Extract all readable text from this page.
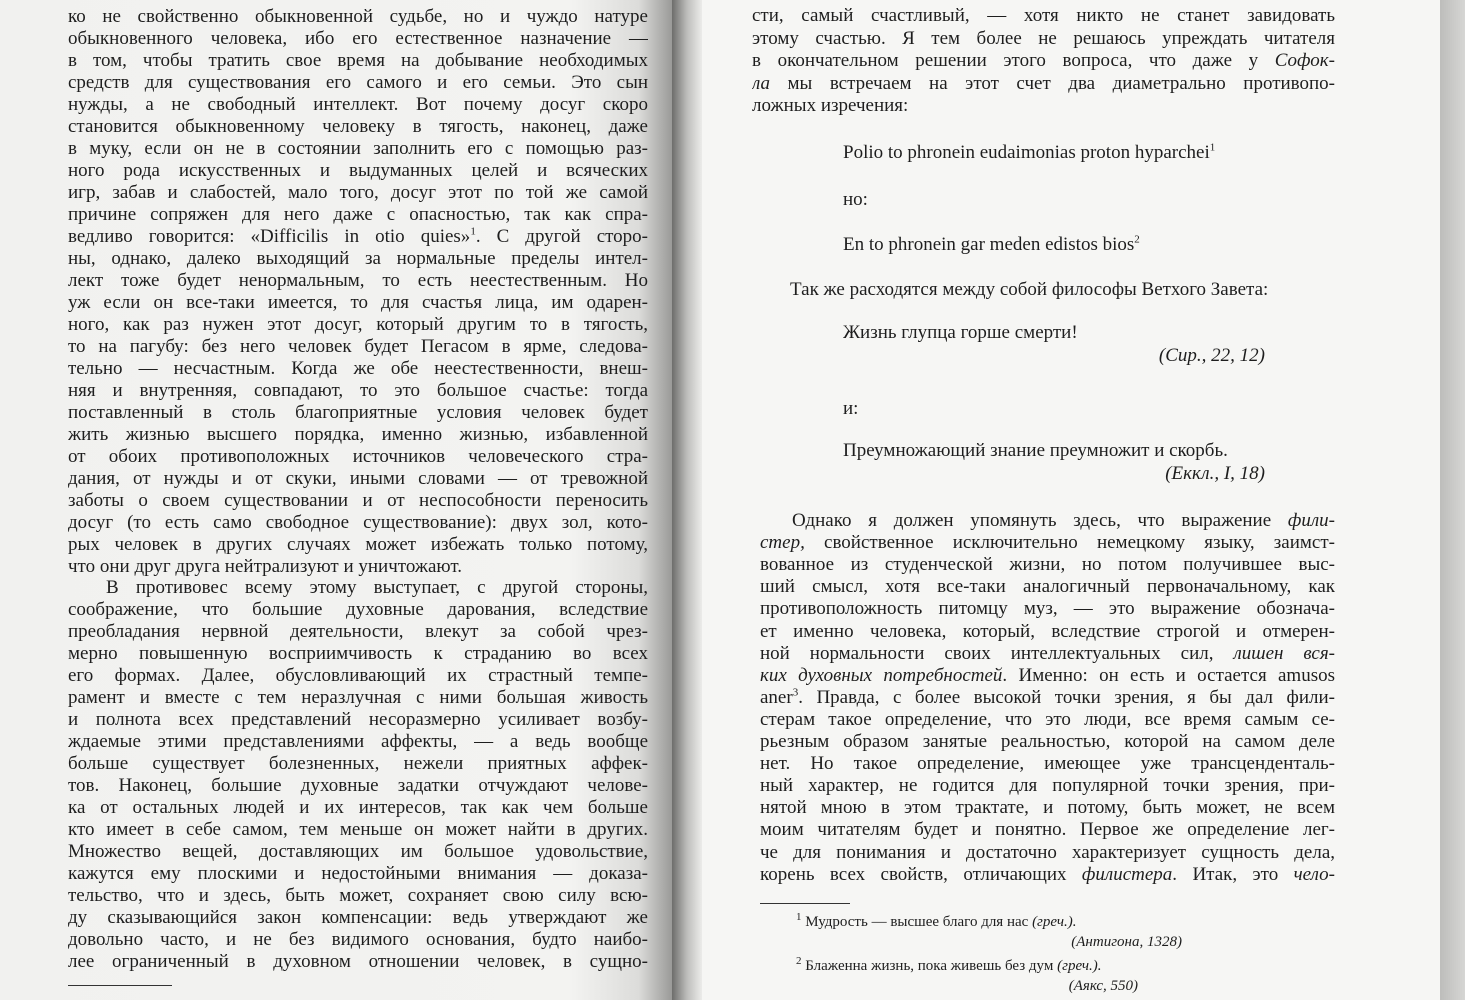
Polio to phronein eudaimonias proton hyparchei$^1$
но:
En to phronein gar meden edistos bios$^2$
Так же расходятся между собой философы Ветхого Завета:
Жизнь глупца горше смерти!
(Сир., 22, 12)
и:
Преумножающий знание преумножит и скорбь.
(Еккл., I, 18)
$^1$ Мудрость — высшее благо для нас (греч.).
(Антигона, 1328)
$^2$ Блаженна жизнь, пока живешь без дум (греч.).
(Аякс, 550)
ко не свойственно обыкновенной судьбе, но и чуждо натуре
обыкновенного человека, ибо его естественное назначение —
в том, чтобы тратить свое время на добывание необходимых
средств для существования его самого и его семьи. Это сын
нужды, а не свободный интеллект. Вот почему досуг скоро
становится обыкновенному человеку в тягость, наконец, даже
в муку, если он не в состоянии заполнить его с помощью раз-
ного рода искусственных и выдуманных целей и всяческих
игр, забав и слабостей, мало того, досуг этот по той же самой
причине сопряжен для него даже с опасностью, так как спра-
ведливо говорится: «Difficilis in otio quies»$^1$. С другой сторо-
ны, однако, далеко выходящий за нормальные пределы интел-
лект тоже будет ненормальным, то есть неестественным. Но
уж если он все-таки имеется, то для счастья лица, им одарен-
ного, как раз нужен этот досуг, который другим то в тягость,
то на пагубу: без него человек будет Пегасом в ярме, следова-
тельно — несчастным. Когда же обе неестественности, внеш-
няя и внутренняя, совпадают, то это большое счастье: тогда
поставленный в столь благоприятные условия человек будет
жить жизнью высшего порядка, именно жизнью, избавленной
от обоих противоположных источников человеческого стра-
дания, от нужды и от скуки, иными словами — от тревожной
заботы о своем существовании и от неспособности переносить
досуг (то есть само свободное существование): двух зол, кото-
рых человек в других случаях может избежать только потому,
что они друг друга нейтрализуют и уничтожают.
В противовес всему этому выступает, с другой стороны,
соображение, что большие духовные дарования, вследствие
преобладания нервной деятельности, влекут за собой чрез-
мерно повышенную восприимчивость к страданию во всех
его формах. Далее, обусловливающий их страстный темпе-
рамент и вместе с тем неразлучная с ними большая живость
и полнота всех представлений несоразмерно усиливает возбу-
ждаемые этими представлениями аффекты, — а ведь вообще
больше существует болезненных, нежели приятных аффек-
тов. Наконец, большие духовные задатки отчуждают челове-
ка от остальных людей и их интересов, так как чем больше
кто имеет в себе самом, тем меньше он может найти в других.
Множество вещей, доставляющих им большое удовольствие,
кажутся ему плоскими и недостойными внимания — доказа-
тельство, что и здесь, быть может, сохраняет свою силу всю-
ду сказывающийся закон компенсации: ведь утверждают же
довольно часто, и не без видимого основания, будто наибо-
лее ограниченный в духовном отношении человек, в сущно-
сти, самый счастливый, — хотя никто не станет завидовать
этому счастью. Я тем более не решаюсь упреждать читателя
в окончательном решении этого вопроса, что даже у Софок-
ла мы встречаем на этот счет два диаметрально противопо-
ложных изречения:
Однако я должен упомянуть здесь, что выражение фили-
стер, свойственное исключительно немецкому языку, заимст-
вованное из студенческой жизни, но потом получившее выс-
ший смысл, хотя все-таки аналогичный первоначальному, как
противоположность питомцу муз, — это выражение обознача-
ет именно человека, который, вследствие строгой и отмерен-
ной нормальности своих интеллектуальных сил, лишен вся-
ких духовных потребностей. Именно: он есть и остается amusos
aner$^3$. Правда, с более высокой точки зрения, я бы дал фили-
стерам такое определение, что это люди, все время самым се-
рьезным образом занятые реальностью, которой на самом деле
нет. Но такое определение, имеющее уже трансценденталь-
ный характер, не годится для популярной точки зрения, при-
нятой мною в этом трактате, и потому, быть может, не всем
моим читателям будет и понятно. Первое же определение лег-
че для понимания и достаточно характеризует сущность дела,
корень всех свойств, отличающих филистера. Итак, это чело-
